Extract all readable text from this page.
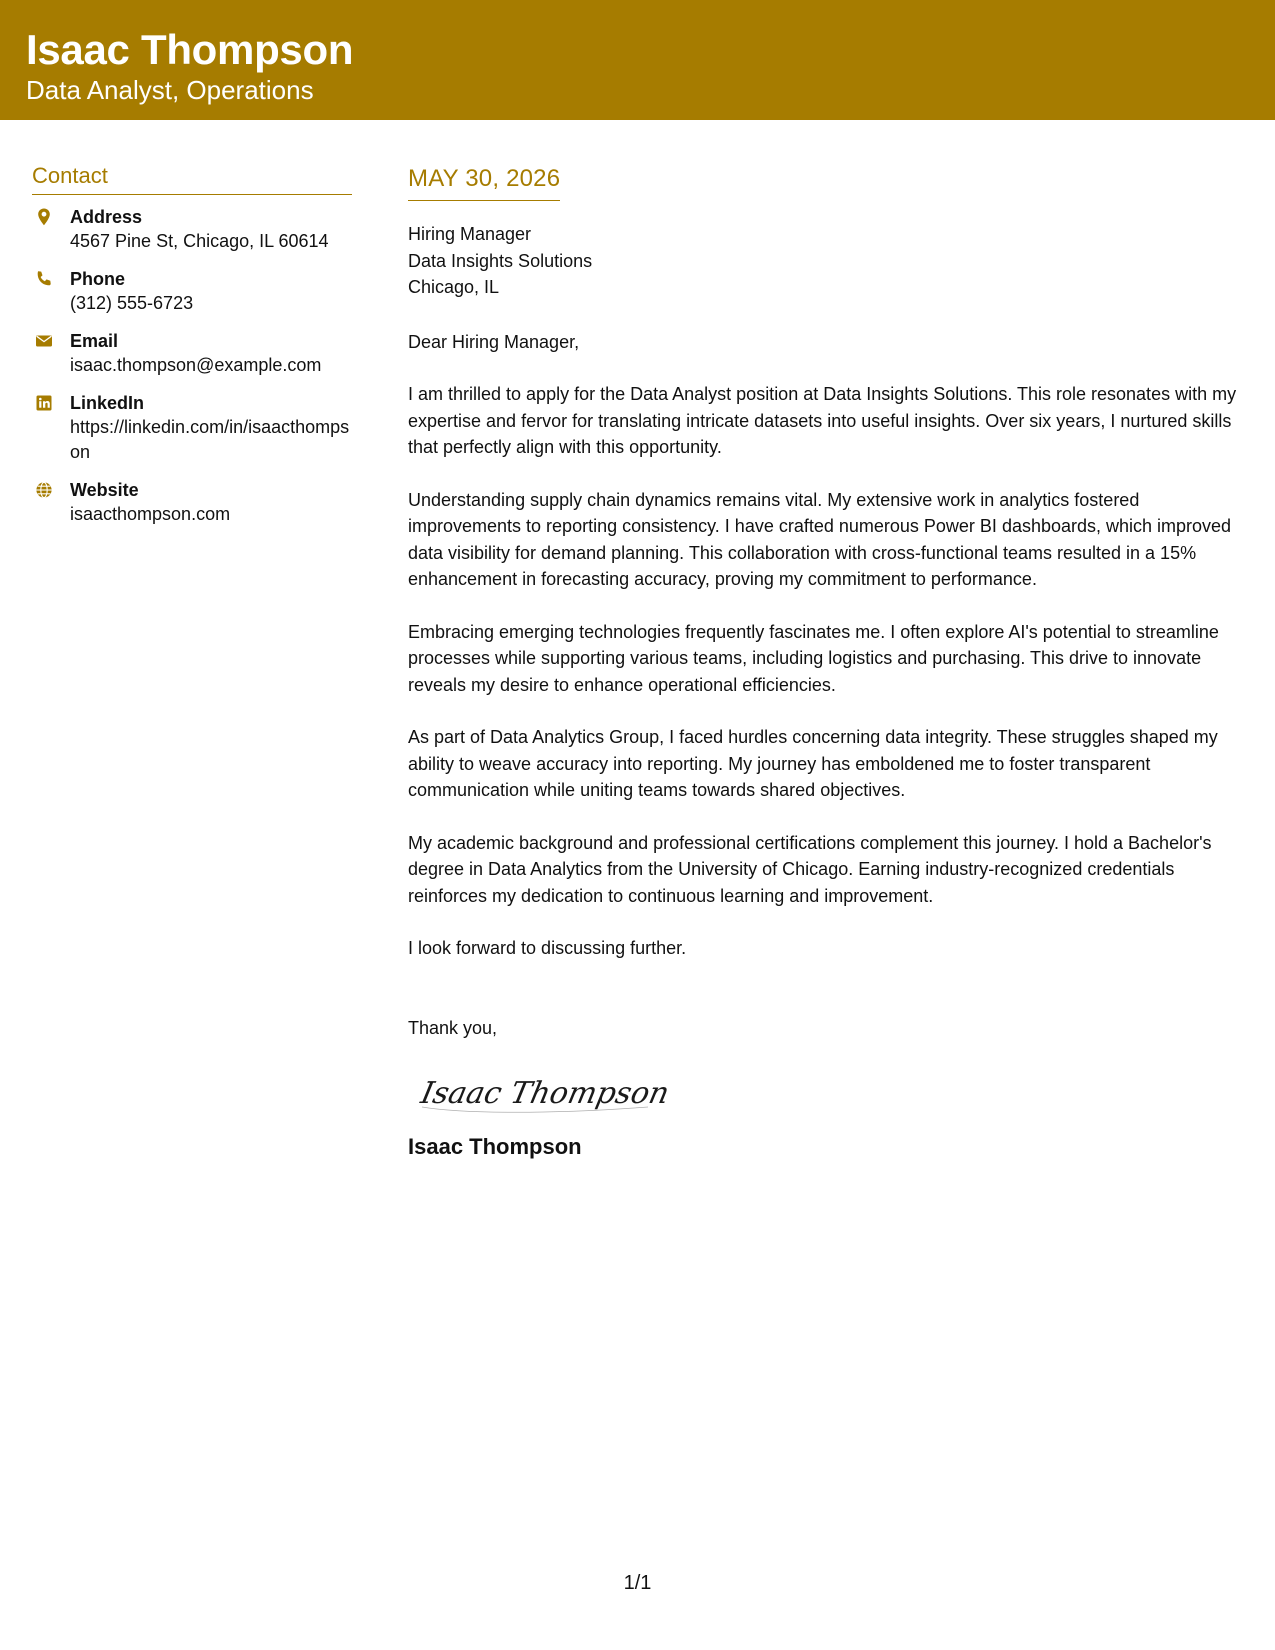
Isaac Thompson
Data Analyst, Operations
Contact
Address
4567 Pine St, Chicago, IL 60614
Phone
(312) 555-6723
Email
isaac.thompson@example.com
LinkedIn
https://linkedin.com/in/isaacthompson
Website
isaacthompson.com
MAY 30, 2026
Hiring Manager
Data Insights Solutions
Chicago, IL
Dear Hiring Manager,
I am thrilled to apply for the Data Analyst position at Data Insights Solutions. This role resonates with my expertise and fervor for translating intricate datasets into useful insights. Over six years, I nurtured skills that perfectly align with this opportunity.
Understanding supply chain dynamics remains vital. My extensive work in analytics fostered improvements to reporting consistency. I have crafted numerous Power BI dashboards, which improved data visibility for demand planning. This collaboration with cross-functional teams resulted in a 15% enhancement in forecasting accuracy, proving my commitment to performance.
Embracing emerging technologies frequently fascinates me. I often explore AI's potential to streamline processes while supporting various teams, including logistics and purchasing. This drive to innovate reveals my desire to enhance operational efficiencies.
As part of Data Analytics Group, I faced hurdles concerning data integrity. These struggles shaped my ability to weave accuracy into reporting. My journey has emboldened me to foster transparent communication while uniting teams towards shared objectives.
My academic background and professional certifications complement this journey. I hold a Bachelor's degree in Data Analytics from the University of Chicago. Earning industry-recognized credentials reinforces my dedication to continuous learning and improvement.
I look forward to discussing further.
Thank you,
Isaac Thompson
Isaac Thompson
1/1
